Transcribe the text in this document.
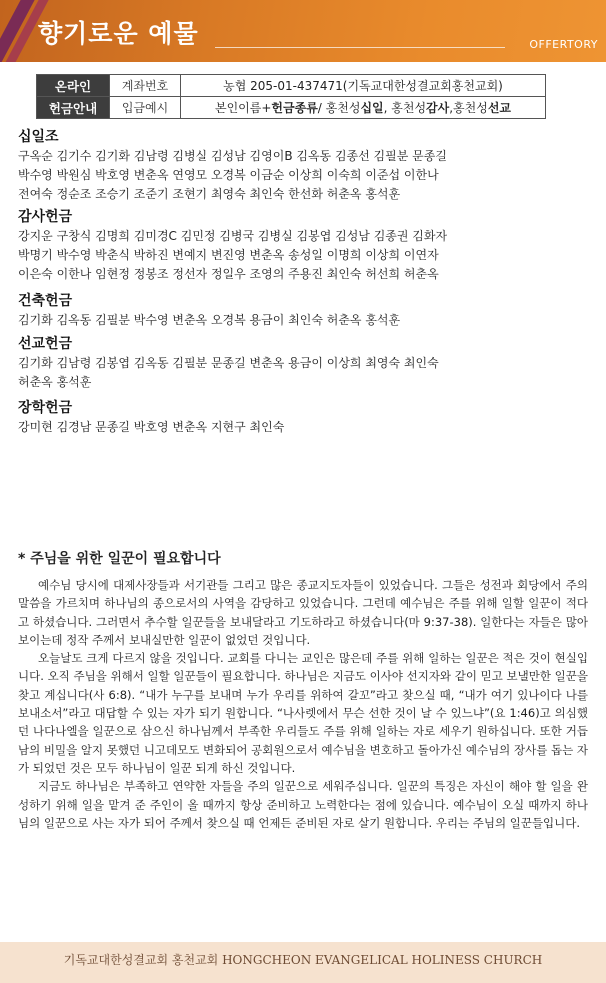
향기로운 예물	OFFERTORY
온라인	계좌번호	농협 205-01-437471(기독교대한성결교회홍천교회)
헌금안내	입금예시	본인이름+헌금종류/ 홍천성십일, 홍천성감사,홍천성선교
십일조

구옥순 김기수 김기화 김남령 김병실 김성남 김영이B 김옥동 김종선 김필분 문종길

박수영 박원심 박호영 변춘옥 연영모 오경복 이금순 이상희 이숙희 이준섭 이한나

전여숙 정순조 조승기 조준기 조현기 최영숙 최인숙 한선화 허춘옥 홍석훈

감사헌금

강지운 구창식 김명희 김미경C 김민정 김병국 김병실 김봉엽 김성남 김종권 김화자

박명기 박수영 박춘식 박하진 변예지 변진영 변춘옥 송성일 이명희 이상희 이연자

이은숙 이한나 임현정 정봉조 정선자 정일우 조영의 주용진 최인숙 허선희 허춘옥

건축헌금

김기화 김옥동 김필분 박수영 변춘옥 오경복 용금이 최인숙 허춘옥 홍석훈

선교헌금

김기화 김남령 김봉엽 김옥동 김필분 문종길 변춘옥 용금이 이상희 최영숙 최인숙

허춘옥 홍석훈

장학헌금

강미현 김경남 문종길 박호영 변춘옥 지현구 최인숙

* 주님을 위한 일꾼이 필요합니다

예수님 당시에 대제사장들과 서기관들 그리고 많은 종교지도자들이 있었습니다. 그들은 성전과 회당에서 주의 말씀을 가르치며 하나님의 종으로서의 사역을 감당하고 있었습니다. 그런데 예수님은 주를 위해 일할 일꾼이 적다고 하셨습니다. 그러면서 추수할 일꾼들을 보내달라고 기도하라고 하셨습니다(마 9:37-38). 일한다는 자들은 많아 보이는데 정작 주께서 보내실만한 일꾼이 없었던 것입니다.

오늘날도 크게 다르지 않을 것입니다. 교회를 다니는 교인은 많은데 주를 위해 일하는 일꾼은 적은 것이 현실입니다. 오직 주님을 위해서 일할 일꾼들이 필요합니다. 하나님은 지금도 이사야 선지자와 같이 믿고 보낼만한 일꾼을 찾고 계십니다(사 6:8). “내가 누구를 보내며 누가 우리를 위하여 갈꼬”라고 찾으실 때, “내가 여기 있나이다 나를 보내소서”라고 대답할 수 있는 자가 되기 원합니다. “나사렛에서 무슨 선한 것이 날 수 있느냐”(요 1:46)고 의심했던 나다나엘을 일꾼으로 삼으신 하나님께서 부족한 우리들도 주를 위해 일하는 자로 세우기 원하십니다. 또한 거듭남의 비밀을 알지 못했던 니고데모도 변화되어 공회원으로서 예수님을 변호하고 돌아가신 예수님의 장사를 돕는 자가 되었던 것은 모두 하나님이 일꾼 되게 하신 것입니다.

지금도 하나님은 부족하고 연약한 자들을 주의 일꾼으로 세워주십니다. 일꾼의 특징은 자신이 해야 할 일을 완성하기 위해 일을 맡겨 준 주인이 올 때까지 항상 준비하고 노력한다는 점에 있습니다. 예수님이 오실 때까지 하나님의 일꾼으로 사는 자가 되어 주께서 찾으실 때 언제든 준비된 자로 살기 원합니다. 우리는 주님의 일꾼들입니다.

기독교대한성결교회 홍천교회 HONGCHEON EVANGELICAL HOLINESS CHURCH
